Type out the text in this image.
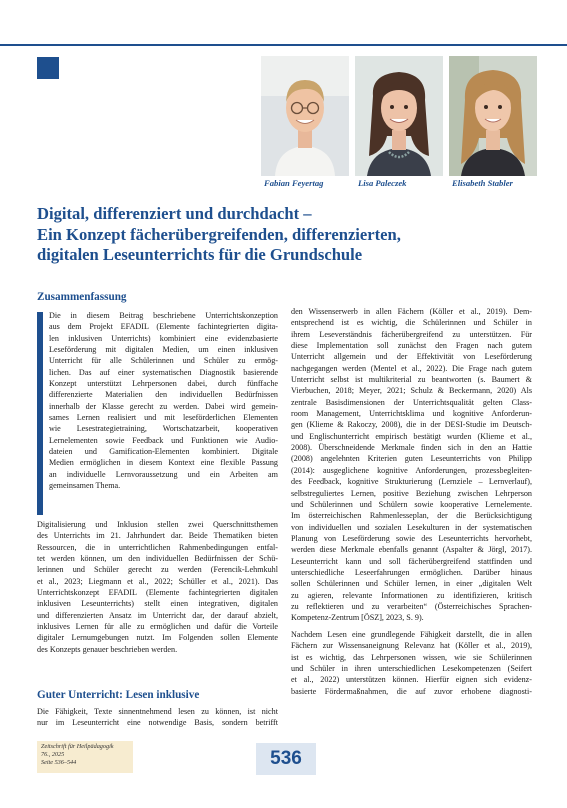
Fabian Feyertag	Lisa Paleczek	Elisabeth Stabler
Digital, differenziert und durchdacht –
Ein Konzept fächerübergreifenden, differenzierten,
digitalen Leseunterrichts für die Grundschule
Zusammenfassung
Die in diesem Beitrag beschriebene Unterrichtskonzeption
aus dem Projekt EFADIL (Elemente fachintegrierten digita-
len inklusiven Unterrichts) kombiniert eine evidenzbasierte
Leseförderung mit digitalen Medien, um einen inklusiven
Unterricht für alle Schülerinnen und Schüler zu ermög-
lichen. Das auf einer systematischen Diagnostik basierende
Konzept unterstützt Lehrpersonen dabei, durch fünffache
differenzierte Materialien den individuellen Bedürfnissen
innerhalb der Klasse gerecht zu werden. Dabei wird gemein-
sames Lernen realisiert und mit leseförderlichen Elementen
wie Lesestrategietraining, Wortschatzarbeit, kooperativen
Lernelementen sowie Feedback und Funktionen wie Audio-
dateien und Gamification-Elementen kombiniert. Digitale
Medien ermöglichen in diesem Kontext eine flexible Passung
an individuelle Lernvoraussetzung und ein Arbeiten am
gemeinsamen Thema.
Digitalisierung und Inklusion stellen zwei Querschnittsthemen
des Unterrichts im 21. Jahrhundert dar. Beide Thematiken bieten
Ressourcen, die in unterrichtlichen Rahmenbedingungen entfal-
tet werden können, um den individuellen Bedürfnissen der Schü-
lerinnen und Schüler gerecht zu werden (Ferencik-Lehmkuhl
et al., 2023; Liegmann et al., 2022; Schüller et al., 2021). Das
Unterrichtskonzept EFADIL (Elemente fachintegrierten digitalen
inklusiven Leseunterrichts) stellt einen integrativen, digitalen
und differenzierten Ansatz im Unterricht dar, der darauf abzielt,
inklusives Lernen für alle zu ermöglichen und dafür die Vorteile
digitaler Lernumgebungen nutzt. Im Folgenden sollen Elemente
des Konzepts genauer beschrieben werden.
Guter Unterricht: Lesen inklusive
Die Fähigkeit, Texte sinnentnehmend lesen zu können, ist nicht
nur im Leseunterricht eine notwendige Basis, sondern betrifft
den Wissenserwerb in allen Fächern (Köller et al., 2019). Dem-
entsprechend ist es wichtig, die Schülerinnen und Schüler in
ihrem Leseverständnis fächerübergreifend zu unterstützen. Für
diese Implementation soll zunächst den Fragen nach gutem
Unterricht allgemein und der Effektivität von Leseförderung
nachgegangen werden (Mentel et al., 2022). Die Frage nach gutem
Unterricht selbst ist multikriterial zu beantworten (s. Baumert &
Vierbuchen, 2018; Meyer, 2021; Schulz & Beckermann, 2020) Als
zentrale Basisdimensionen der Unterrichtsqualität gelten Class-
room Management, Unterrichtsklima und kognitive Anforderun-
gen (Klieme & Rakoczy, 2008), die in der DESI-Studie im Deutsch-
und Englischunterricht empirisch bestätigt wurden (Klieme et al.,
2008). Überschneidende Merkmale finden sich in den an Hattie
(2008) angelehnten Kriterien guten Leseunterrichts von Philipp
(2014): ausgeglichene kognitive Anforderungen, prozessbegleiten-
des Feedback, kognitive Strukturierung (Lernziele – Lernverlauf),
selbstreguliertes Lernen, positive Beziehung zwischen Lehrperson
und Schülerinnen und Schülern sowie kooperative Lernelemente.
Im österreichischen Rahmenlesseplan, der die Berücksichtigung
von individuellen und sozialen Lesekulturen in der systematischen
Planung von Leseförderung sowie des Leseunterrichts hervorhebt,
werden diese Merkmale ebenfalls genannt (Aspalter & Jörgl, 2017).
Leseunterricht kann und soll fächerübergreifend stattfinden und
unterschiedliche Leseerfahrungen ermöglichen. Darüber hinaus
sollen Schülerinnen und Schüler lernen, in einer „digitalen Welt
zu agieren, relevante Informationen zu identifizieren, kritisch
zu reflektieren und zu verarbeiten“ (Österreichisches Sprachen-
Kompetenz-Zentrum [ÖSZ], 2023, S. 9).
Nachdem Lesen eine grundlegende Fähigkeit darstellt, die in allen
Fächern zur Wissensaneignung Relevanz hat (Köller et al., 2019),
ist es wichtig, das Lehrpersonen wissen, wie sie Schülerinnen
und Schüler in ihren unterschiedlichen Lesekompetenzen (Seifert
et al., 2022) unterstützen können. Hierfür eignen sich evidenz-
basierte Fördermaßnahmen, die auf zuvor erhobene diagnosti-
Zeitschrift für Heilpädagogik
76., 2025
Seite 536–544	536
